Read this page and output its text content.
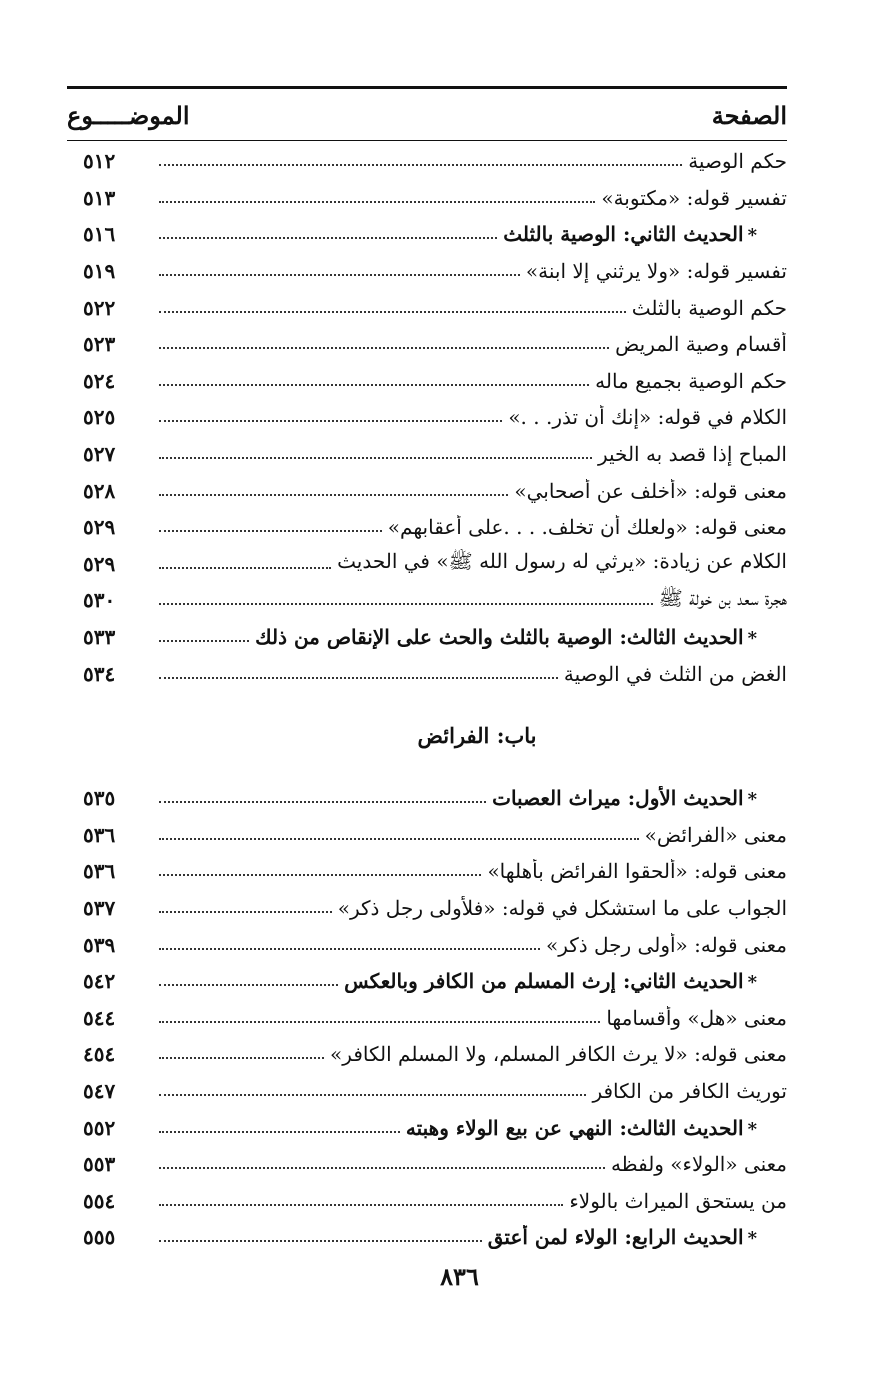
الموضـــــوع	الصفحة
٥١٢	حكم الوصية
٥١٣	تفسير قوله: «مكتوبة»
٥١٦	*الحديث الثاني: الوصية بالثلث
٥١٩	تفسير قوله: «ولا يرثني إلا ابنة»
٥٢٢	حكم الوصية بالثلث
٥٢٣	أقسام وصية المريض
٥٢٤	حكم الوصية بجميع ماله
٥٢٥	الكلام في قوله: «إنك أن تذر. . .»
٥٢٧	المباح إذا قصد به الخير
٥٢٨	معنى قوله: «أخلف عن أصحابي»
٥٢٩	معنى قوله: «ولعلك أن تخلف. . . .على أعقابهم»
٥٢٩	الكلام عن زيادة: «يرثي له رسول الله ﷺ» في الحديث
٥٣٠	هجرة سعد بن خولة ﷺ
٥٣٣	*الحديث الثالث: الوصية بالثلث والحث على الإنقاص من ذلك
٥٣٤	الغض من الثلث في الوصية
باب: الفرائض
٥٣٥	*الحديث الأول: ميراث العصبات
٥٣٦	معنى «الفرائض»
٥٣٦	معنى قوله: «ألحقوا الفرائض بأهلها»
٥٣٧	الجواب على ما استشكل في قوله: «فلأولى رجل ذكر»
٥٣٩	معنى قوله: «أولى رجل ذكر»
٥٤٢	*الحديث الثاني: إرث المسلم من الكافر وبالعكس
٥٤٤	معنى «هل» وأقسامها
٤٥٤	معنى قوله: «لا يرث الكافر المسلم، ولا المسلم الكافر»
٥٤٧	توريث الكافر من الكافر
٥٥٢	*الحديث الثالث: النهي عن بيع الولاء وهبته
٥٥٣	معنى «الولاء» ولفظه
٥٥٤	من يستحق الميراث بالولاء
٥٥٥	*الحديث الرابع: الولاء لمن أعتق
٨٣٦
